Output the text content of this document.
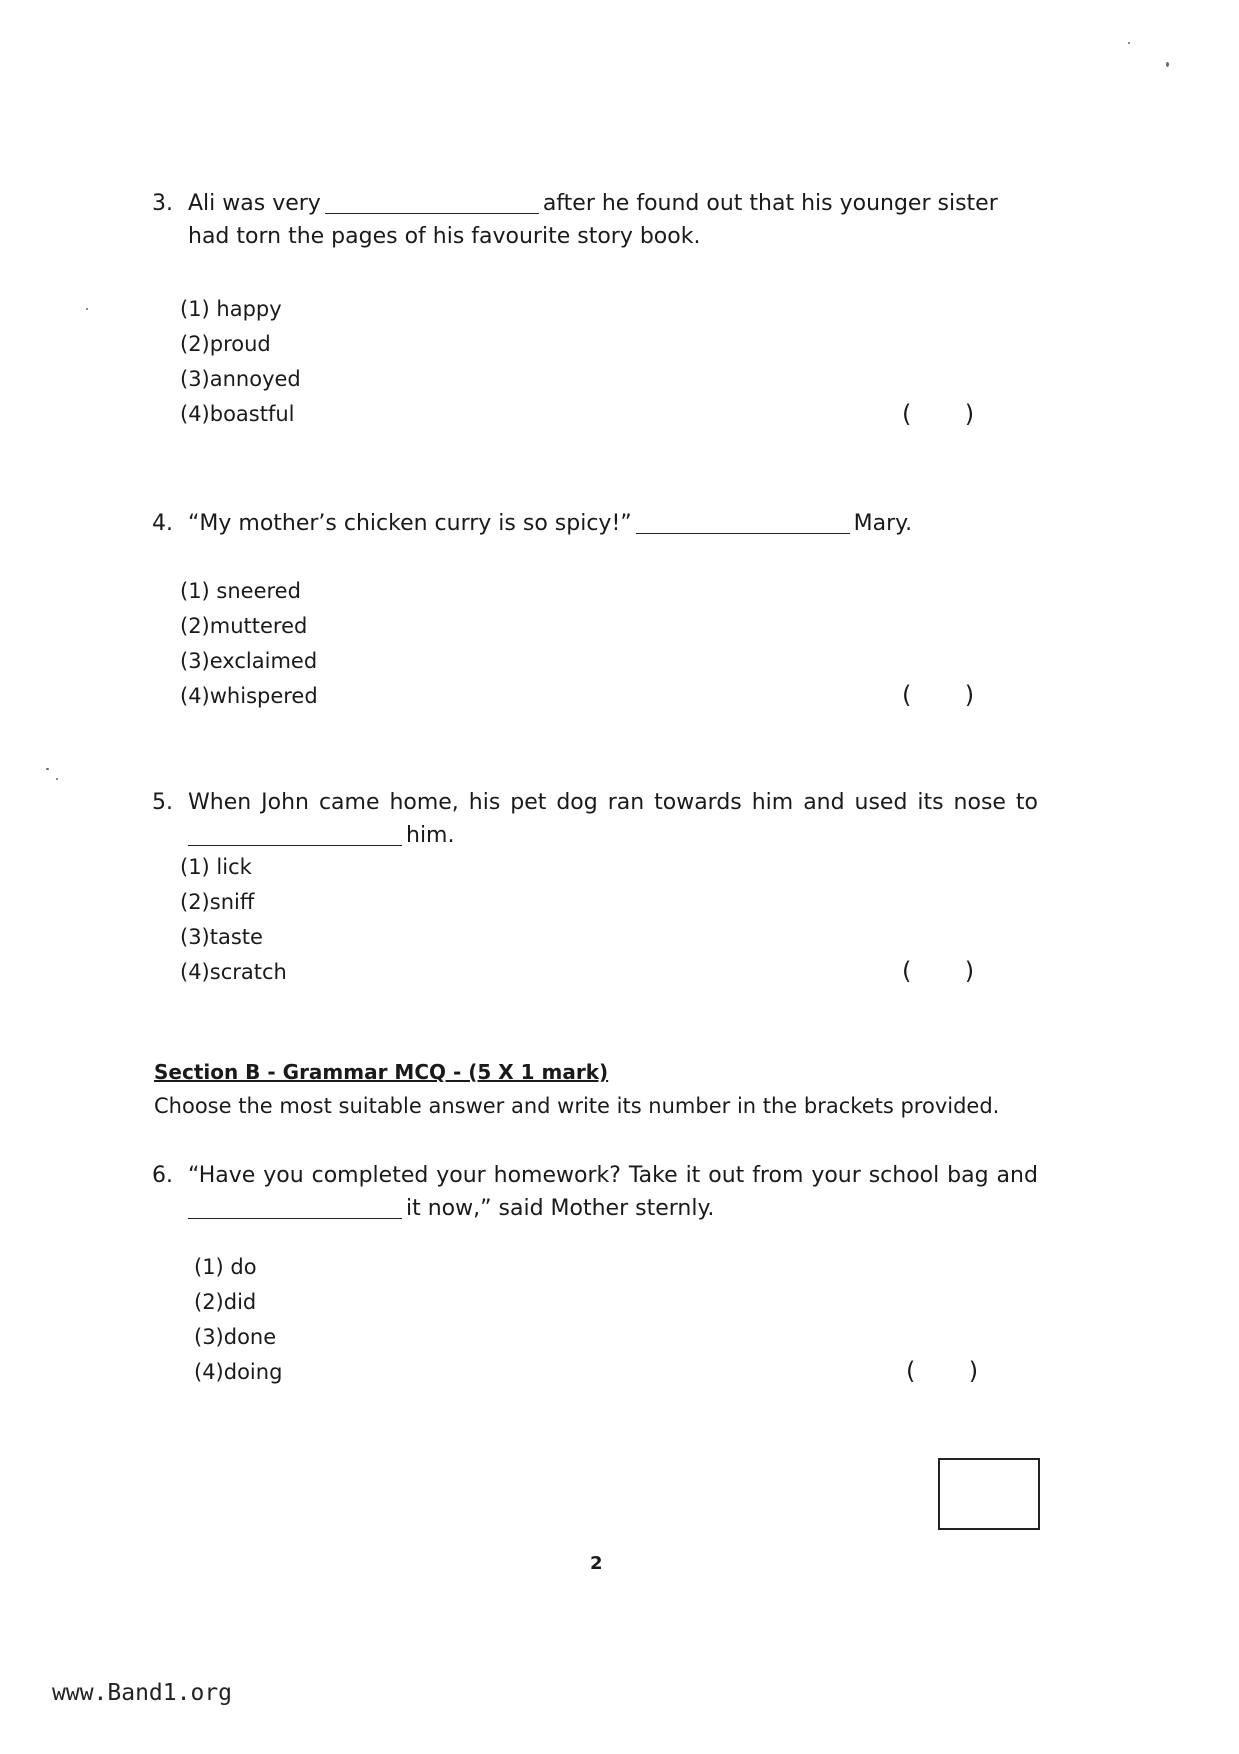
3. Ali was very	after he found out that his younger sister
had torn the pages of his favourite story book.
(1) happy
(2)proud
(3)annoyed
(4)boastful	(       )
4. “My mother’s chicken curry is so spicy!”	Mary.
(1) sneered
(2)muttered
(3)exclaimed
(4)whispered	(       )
5. When John came home, his pet dog ran towards him and used its nose to
him.
(1) lick
(2)sniff
(3)taste
(4)scratch	(       )
Section B - Grammar MCQ - (5 X 1 mark)
Choose the most suitable answer and write its number in the brackets provided.
6. “Have you completed your homework? Take it out from your school bag and
it now,” said Mother sternly.
(1) do
(2)did
(3)done
(4)doing	(       )
2
www.Band1.org
